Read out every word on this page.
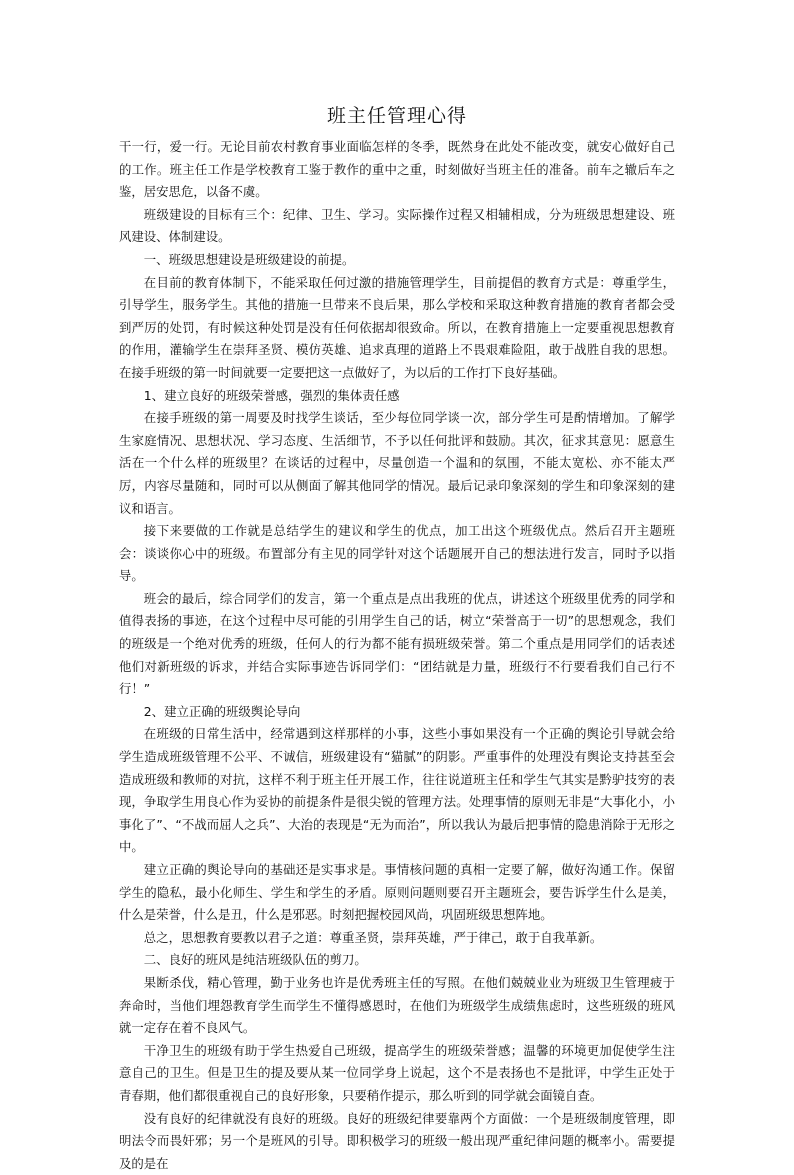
班主任管理心得

干一行，爱一行。无论目前农村教育事业面临怎样的冬季，既然身在此处不能改变，就安心做好自己的工作。班主任工作是学校教育工鉴于教作的重中之重，时刻做好当班主任的准备。前车之辙后车之鉴，居安思危，以备不虞。

班级建设的目标有三个：纪律、卫生、学习。实际操作过程又相辅相成，分为班级思想建设、班风建设、体制建设。

一、班级思想建设是班级建设的前提。

在目前的教育体制下，不能采取任何过激的措施管理学生，目前提倡的教育方式是：尊重学生，引导学生，服务学生。其他的措施一旦带来不良后果，那么学校和采取这种教育措施的教育者都会受到严厉的处罚，有时候这种处罚是没有任何依据却很致命。所以，在教育措施上一定要重视思想教育的作用，灌输学生在崇拜圣贤、模仿英雄、追求真理的道路上不畏艰难险阻，敢于战胜自我的思想。在接手班级的第一时间就要一定要把这一点做好了，为以后的工作打下良好基础。

1、建立良好的班级荣誉感，强烈的集体责任感

在接手班级的第一周要及时找学生谈话，至少每位同学谈一次，部分学生可是酌情增加。了解学生家庭情况、思想状况、学习态度、生活细节，不予以任何批评和鼓励。其次，征求其意见：愿意生活在一个什么样的班级里？在谈话的过程中，尽量创造一个温和的氛围，不能太宽松、亦不能太严厉，内容尽量随和，同时可以从侧面了解其他同学的情况。最后记录印象深刻的学生和印象深刻的建议和语言。

接下来要做的工作就是总结学生的建议和学生的优点，加工出这个班级优点。然后召开主题班会：谈谈你心中的班级。布置部分有主见的同学针对这个话题展开自己的想法进行发言，同时予以指导。

班会的最后，综合同学们的发言，第一个重点是点出我班的优点，讲述这个班级里优秀的同学和值得表扬的事迹，在这个过程中尽可能的引用学生自己的话，树立“荣誉高于一切”的思想观念，我们的班级是一个绝对优秀的班级，任何人的行为都不能有损班级荣誉。第二个重点是用同学们的话表述他们对新班级的诉求，并结合实际事迹告诉同学们：“团结就是力量，班级行不行要看我们自己行不行！”

2、建立正确的班级舆论导向

在班级的日常生活中，经常遇到这样那样的小事，这些小事如果没有一个正确的舆论引导就会给学生造成班级管理不公平、不诚信，班级建设有“猫腻”的阴影。严重事件的处理没有舆论支持甚至会造成班级和教师的对抗，这样不利于班主任开展工作，往往说道班主任和学生气其实是黔驴技穷的表现，争取学生用良心作为妥协的前提条件是很尖锐的管理方法。处理事情的原则无非是“大事化小，小事化了”、“不战而屈人之兵”、大治的表现是“无为而治”，所以我认为最后把事情的隐患消除于无形之中。

建立正确的舆论导向的基础还是实事求是。事情核问题的真相一定要了解，做好沟通工作。保留学生的隐私，最小化师生、学生和学生的矛盾。原则问题则要召开主题班会，要告诉学生什么是美，什么是荣誉，什么是丑，什么是邪恶。时刻把握校园风尚，巩固班级思想阵地。

总之，思想教育要教以君子之道：尊重圣贤，崇拜英雄，严于律己，敢于自我革新。

二、良好的班风是纯洁班级队伍的剪刀。

果断杀伐，精心管理，勤于业务也许是优秀班主任的写照。在他们兢兢业业为班级卫生管理疲于奔命时，当他们埋怨教育学生而学生不懂得感恩时，在他们为班级学生成绩焦虑时，这些班级的班风就一定存在着不良风气。

干净卫生的班级有助于学生热爱自己班级，提高学生的班级荣誉感；温馨的环境更加促使学生注意自己的卫生。但是卫生的提及要从某一位同学身上说起，这个不是表扬也不是批评，中学生正处于青春期，他们都很重视自己的良好形象，只要稍作提示，那么听到的同学就会面镜自查。

没有良好的纪律就没有良好的班级。良好的班级纪律要靠两个方面做：一个是班级制度管理，即明法令而畏奸邪；另一个是班风的引导。即积极学习的班级一般出现严重纪律问题的概率小。需要提及的是在
